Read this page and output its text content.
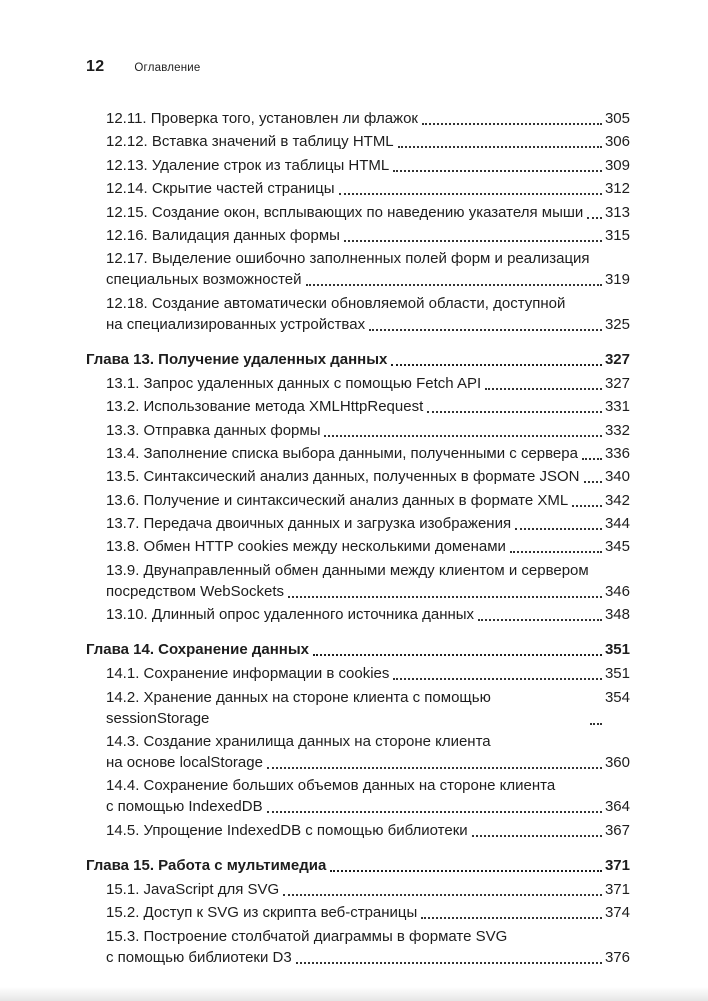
12	Оглавление
12.11. Проверка того, установлен ли флажок	305
12.12. Вставка значений в таблицу HTML	306
12.13. Удаление строк из таблицы HTML	309
12.14. Скрытие частей страницы	312
12.15. Создание окон, всплывающих по наведению указателя мыши 313
12.16. Валидация данных формы	315
12.17. Выделение ошибочно заполненных полей форм и реализация
специальных возможностей	319
12.18. Создание автоматически обновляемой области, доступной
на специализированных устройствах	325
Глава 13. Получение удаленных данных	327
13.1. Запрос удаленных данных с помощью Fetch API	327
13.2. Использование метода XMLHttpRequest	331
13.3. Отправка данных формы	332
13.4. Заполнение списка выбора данными, полученными с сервера 336
13.5. Синтаксический анализ данных, полученных в формате JSON 340
13.6. Получение и синтаксический анализ данных в формате XML 342
13.7. Передача двоичных данных и загрузка изображения	344
13.8. Обмен HTTP cookies между несколькими доменами	345
13.9. Двунаправленный обмен данными между клиентом и сервером
посредством WebSockets	346
13.10. Длинный опрос удаленного источника данных	348
Глава 14. Сохранение данных	351
14.1. Сохранение информации в cookies	351
14.2. Хранение данных на стороне клиента с помощью sessionStorage
354
14.3. Создание хранилища данных на стороне клиента
на основе localStorage	360
14.4. Сохранение больших объемов данных на стороне клиента
с помощью IndexedDB	364
14.5. Упрощение IndexedDB с помощью библиотеки	367
Глава 15. Работа с мультимедиа	371
15.1. JavaScript для SVG	371
15.2. Доступ к SVG из скрипта веб-страницы	374
15.3. Построение столбчатой диаграммы в формате SVG
с помощью библиотеки D3	376
